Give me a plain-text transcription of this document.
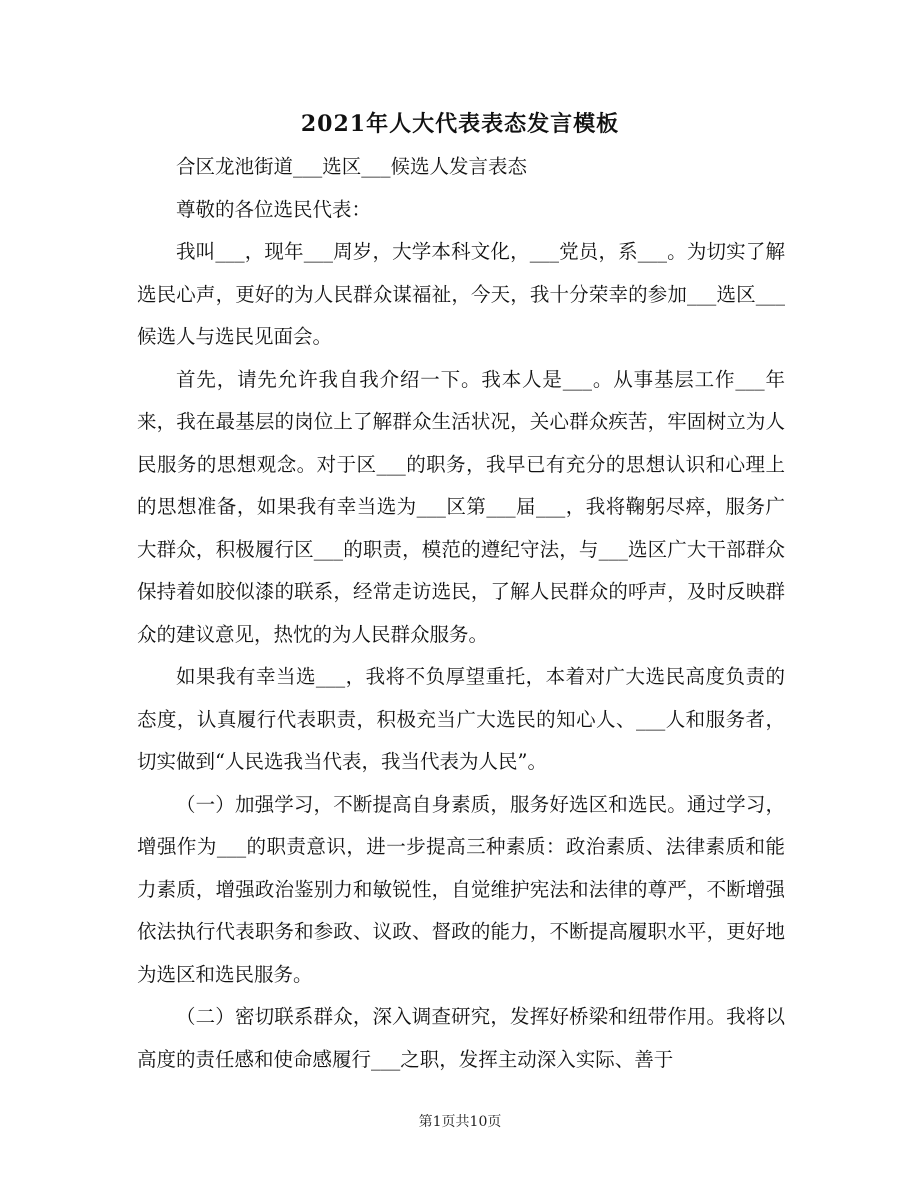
2021年人大代表表态发言模板

合区龙池街道___选区___候选人发言表态

尊敬的各位选民代表：

我叫___，现年___周岁，大学本科文化，___党员，系___。为切实了解选民心声，更好的为人民群众谋福祉，今天，我十分荣幸的参加___选区___候选人与选民见面会。

首先，请先允许我自我介绍一下。我本人是___。从事基层工作___年来，我在最基层的岗位上了解群众生活状况，关心群众疾苦，牢固树立为人民服务的思想观念。对于区___的职务，我早已有充分的思想认识和心理上的思想准备，如果我有幸当选为___区第___届___，我将鞠躬尽瘁，服务广大群众，积极履行区___的职责，模范的遵纪守法，与___选区广大干部群众保持着如胶似漆的联系，经常走访选民，了解人民群众的呼声，及时反映群众的建议意见，热忱的为人民群众服务。

如果我有幸当选___，我将不负厚望重托，本着对广大选民高度负责的态度，认真履行代表职责，积极充当广大选民的知心人、___人和服务者，切实做到“人民选我当代表，我当代表为人民”。

（一）加强学习，不断提高自身素质，服务好选区和选民。通过学习，增强作为___的职责意识，进一步提高三种素质：政治素质、法律素质和能力素质，增强政治鉴别力和敏锐性，自觉维护宪法和法律的尊严，不断增强依法执行代表职务和参政、议政、督政的能力，不断提高履职水平，更好地为选区和选民服务。

（二）密切联系群众，深入调查研究，发挥好桥梁和纽带作用。我将以高度的责任感和使命感履行___之职，发挥主动深入实际、善于

第1页共10页
